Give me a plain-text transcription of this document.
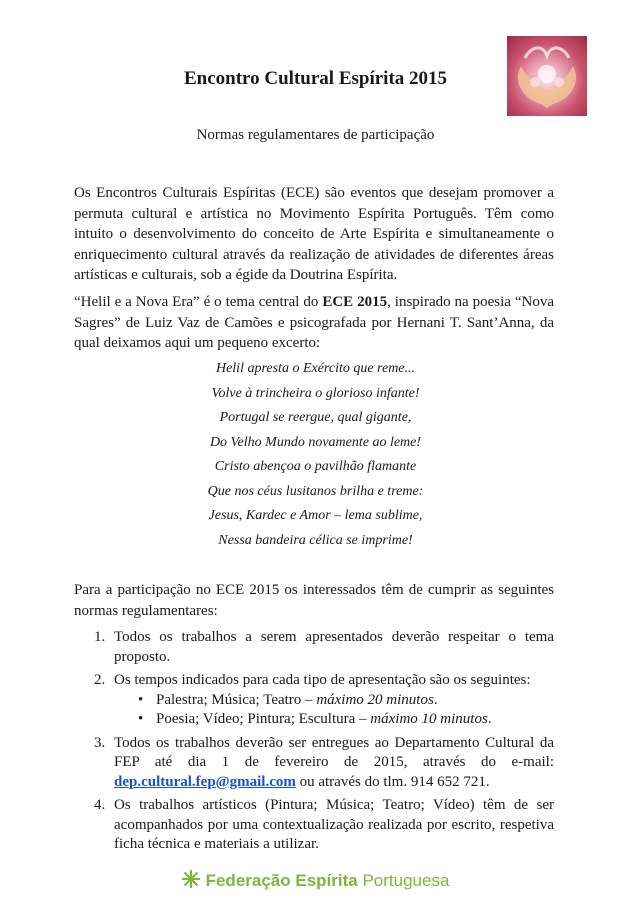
Encontro Cultural Espírita 2015
Normas regulamentares de participação

Os Encontros Culturais Espíritas (ECE) são eventos que desejam promover a permuta cultural e artística no Movimento Espírita Português. Têm como intuito o desenvolvimento do conceito de Arte Espírita e simultaneamente o enriquecimento cultural através da realização de atividades de diferentes áreas artísticas e culturais, sob a égide da Doutrina Espírita.

“Helil e a Nova Era” é o tema central do ECE 2015, inspirado na poesia “Nova Sagres” de Luiz Vaz de Camões e psicografada por Hernani T. Sant’Anna, da qual deixamos aqui um pequeno excerto:

Helil apresta o Exército que reme...
Volve à trincheira o glorioso infante!
Portugal se reergue, qual gigante,
Do Velho Mundo novamente ao leme!
Cristo abençoa o pavilhão flamante
Que nos céus lusitanos brilha e treme:
Jesus, Kardec e Amor – lema sublime,
Nessa bandeira célica se imprime!

Para a participação no ECE 2015 os interessados têm de cumprir as seguintes normas regulamentares:

1. Todos os trabalhos a serem apresentados deverão respeitar o tema proposto.
2. Os tempos indicados para cada tipo de apresentação são os seguintes:
• Palestra; Música; Teatro – máximo 20 minutos.
• Poesia; Vídeo; Pintura; Escultura – máximo 10 minutos.
3. Todos os trabalhos deverão ser entregues ao Departamento Cultural da FEP até dia 1 de fevereiro de 2015, através do e-mail: dep.cultural.fep@gmail.com ou através do tlm. 914 652 721.
4. Os trabalhos artísticos (Pintura; Música; Teatro; Vídeo) têm de ser acompanhados por uma contextualização realizada por escrito, respetiva ficha técnica e materiais a utilizar.
Federação Espírita Portuguesa
